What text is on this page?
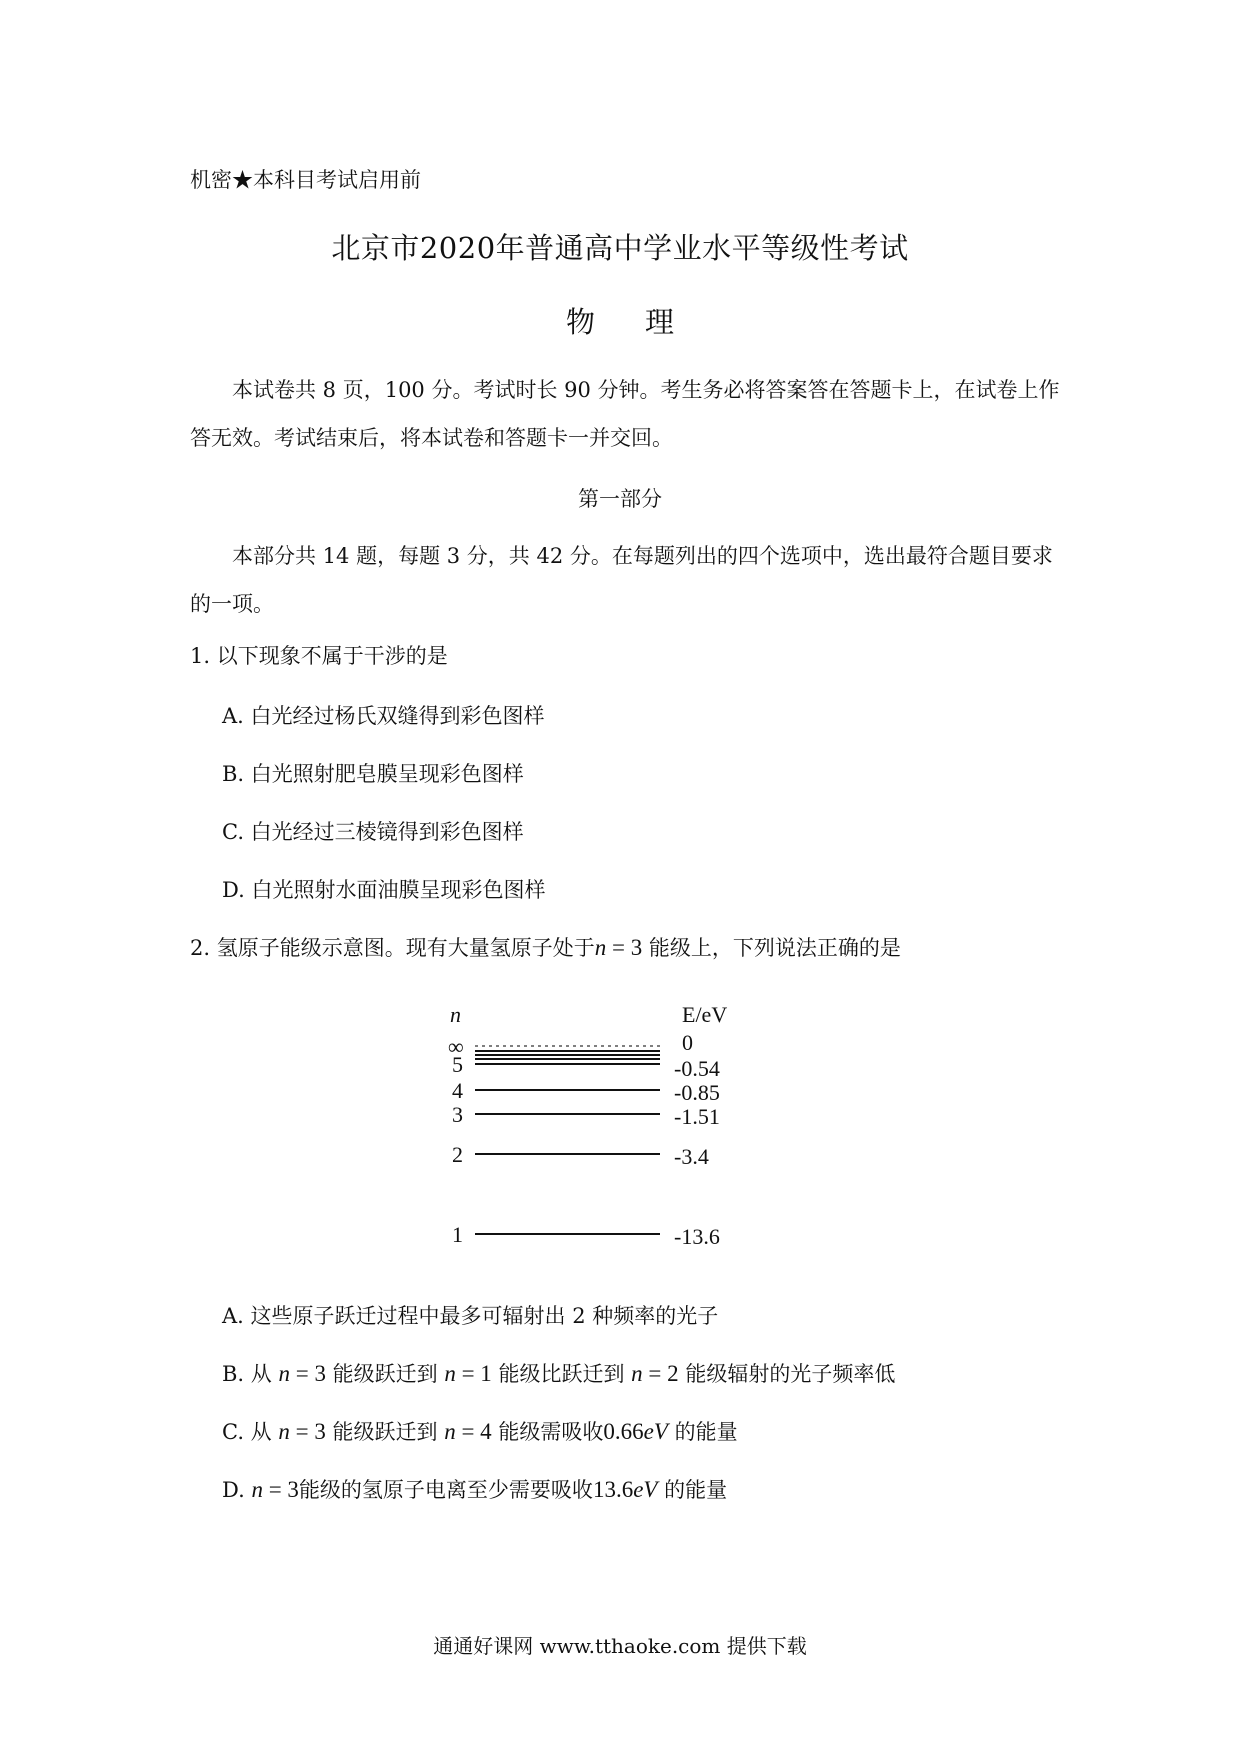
机密★本科目考试启用前
北京市2020年普通高中学业水平等级性考试
物理
本试卷共 8 页，100 分。考试时长 90 分钟。考生务必将答案答在答题卡上，在试卷上作答无效。考试结束后，将本试卷和答题卡一并交回。
第一部分
本部分共 14 题，每题 3 分，共 42 分。在每题列出的四个选项中，选出最符合题目要求的一项。
1. 以下现象不属于干涉的是
A. 白光经过杨氏双缝得到彩色图样
B. 白光照射肥皂膜呈现彩色图样
C. 白光经过三棱镜得到彩色图样
D. 白光照射水面油膜呈现彩色图样
2. 氢原子能级示意图。现有大量氢原子处于n = 3 能级上，下列说法正确的是
n	E/eV
∞	0
5	-0.54
4	-0.85
3	-1.51
2	-3.4
1	-13.6
A. 这些原子跃迁过程中最多可辐射出 2 种频率的光子
B. 从 n = 3 能级跃迁到 n = 1 能级比跃迁到 n = 2 能级辐射的光子频率低
C. 从 n = 3 能级跃迁到 n = 4 能级需吸收0.66eV 的能量
D. n = 3能级的氢原子电离至少需要吸收13.6eV 的能量
通通好课网 www.tthaoke.com 提供下载
